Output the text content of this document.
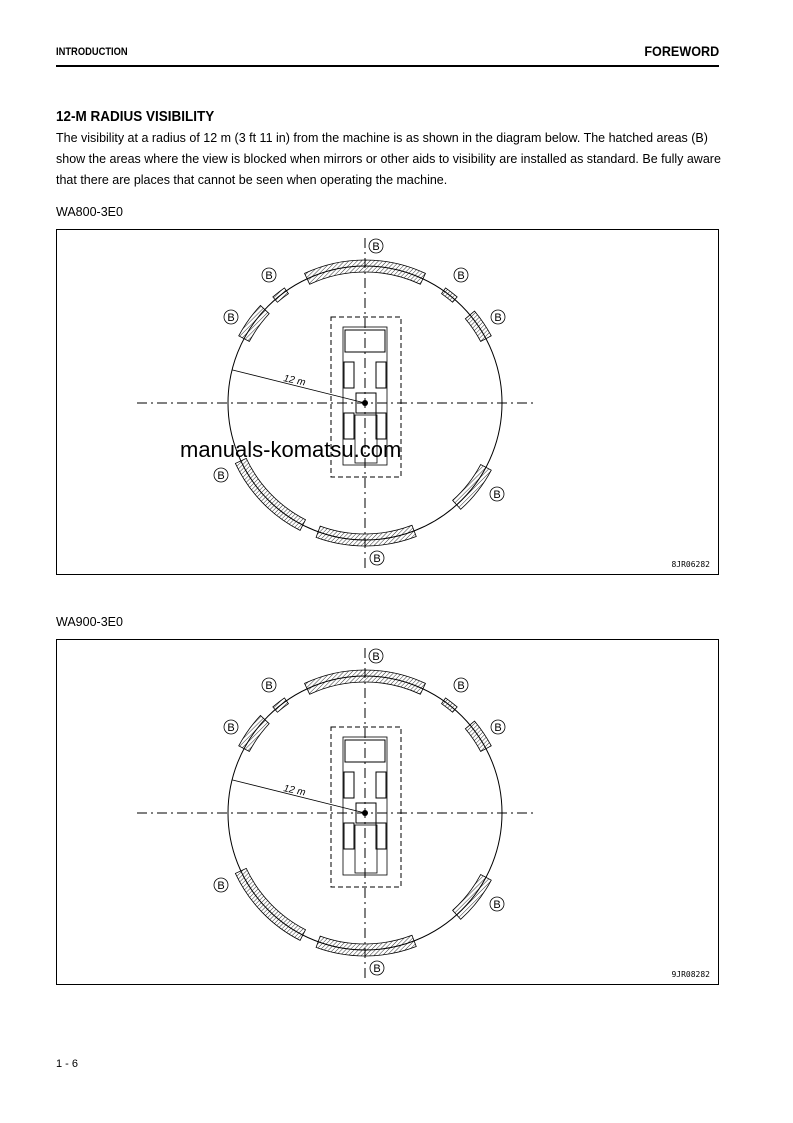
INTRODUCTION	FOREWORD
12-M RADIUS VISIBILITY
The visibility at a radius of 12 m (3 ft 11 in) from the machine is as shown in the diagram below. The hatched areas (B) show the areas where the view is blocked when mirrors or other aids to visibility are installed as standard. Be fully aware that there are places that cannot be seen when operating the machine.
WA800-3E0
B
B	B
B	B
B
B
B
12 m
8JR06282
WA900-3E0
B
B	B
B	B
B
B
B
12 m
9JR08282
manuals-komatsu.com
1 - 6
